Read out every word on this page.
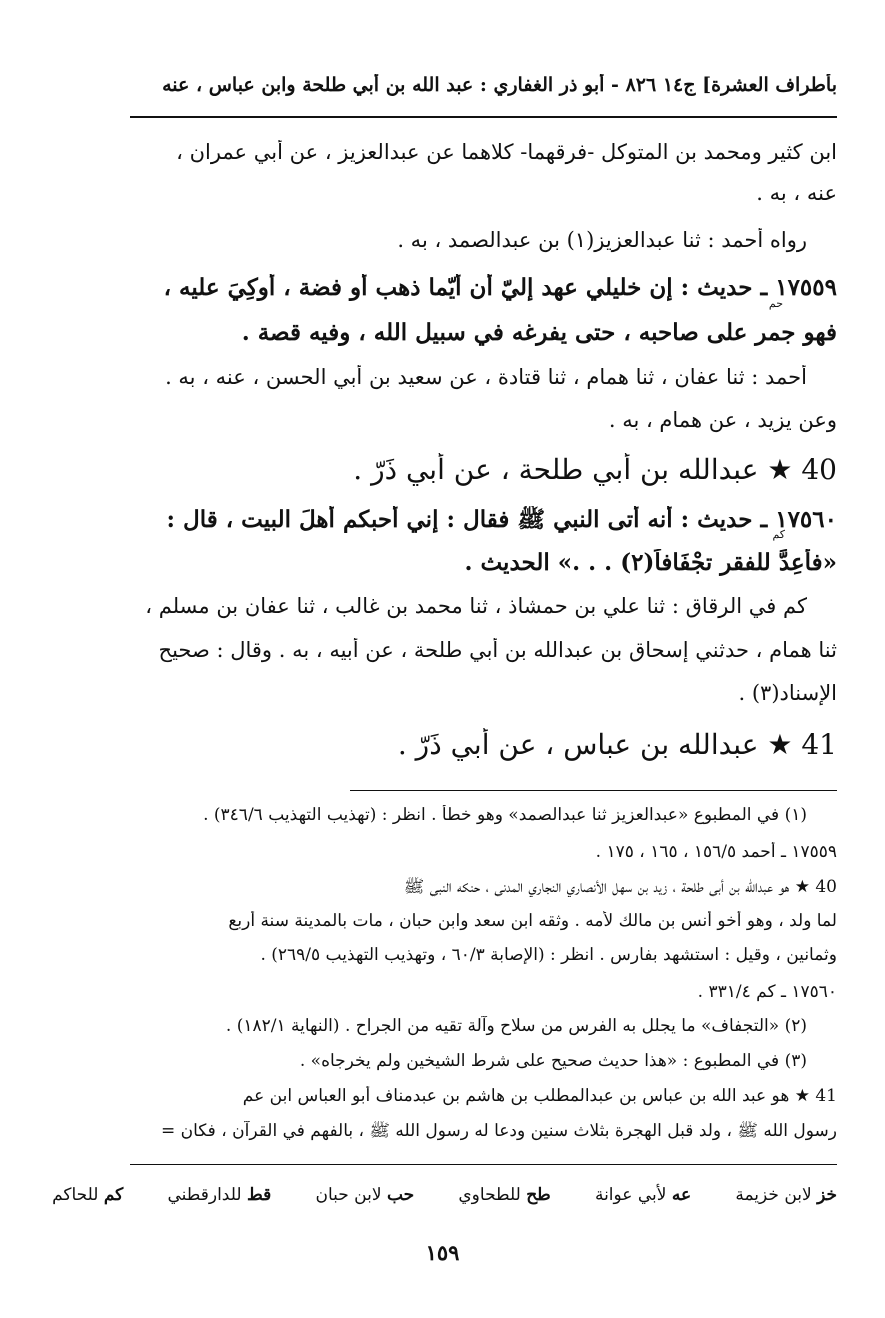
بأطراف العشرة] ج١٤ ٨٢٦ - أبو ذر الغفاري : عبد الله بن أبي طلحة وابن عباس ، عنه
ابن كثير ومحمد بن المتوكل -فرقهما- كلاهما عن عبدالعزيز ، عن أبي عمران ،
عنه ، به .
رواه أحمد : ثنا عبدالعزيز(١) بن عبدالصمد ، به .
١٧٥٥٩ ـ حديث : إن خليلي عهد إليّ أن أيّما ذهب أو فضة ، أُوكِيَ عليه ،
حم
فهو جمر على صاحبه ، حتى يفرغه في سبيل الله ، وفيه قصة .
أحمد : ثنا عفان ، ثنا همام ، ثنا قتادة ، عن سعيد بن أبي الحسن ، عنه ، به .
وعن يزيد ، عن همام ، به .
40 ★ عبدالله بن أبي طلحة ، عن أبي ذَرّ .
١٧٥٦٠ ـ حديث : أنه أتى النبي ﷺ فقال : إني أحبكم أهلَ البيت ، قال :
كم
«فأعِدَّ للفقر تجْفَافاً(٢) . . .» الحديث .
كم في الرقاق : ثنا علي بن حمشاذ ، ثنا محمد بن غالب ، ثنا عفان بن مسلم ،
ثنا همام ، حدثني إسحاق بن عبدالله بن أبي طلحة ، عن أبيه ، به . وقال : صحيح
الإسناد(٣) .
41 ★ عبدالله بن عباس ، عن أبي ذَرّ .
(١) في المطبوع «عبدالعزيز ثنا عبدالصمد» وهو خطأ . انظر : (تهذيب التهذيب ٣٤٦/٦) .
١٧٥٥٩ ـ أحمد ١٥٦/٥ ، ١٦٥ ، ١٧٥ .
40 ★ هو عبدالله بن أبي طلحة ، زيد بن سهل الأنصاري النجاري المدني ، حنكه النبي ﷺ
لما ولد ، وهو أخو أنس بن مالك لأمه . وثقه ابن سعد وابن حبان ، مات بالمدينة سنة أربع
وثمانين ، وقيل : استشهد بفارس . انظر : (الإصابة ٦٠/٣ ، وتهذيب التهذيب ٢٦٩/٥) .
١٧٥٦٠ ـ كم ٣٣١/٤ .
(٢) «التجفاف» ما يجلل به الفرس من سلاح وآلة تقيه من الجراح . (النهاية ١٨٢/١) .
(٣) في المطبوع : «هذا حديث صحيح على شرط الشيخين ولم يخرجاه» .
41 ★ هو عبد الله بن عباس بن عبدالمطلب بن هاشم بن عبدمناف أبو العباس ابن عم
رسول الله ﷺ ، ولد قبل الهجرة بثلاث سنين ودعا له رسول الله ﷺ ، بالفهم في القرآن ، فكان =
خز لابن خزيمة
عه لأبي عوانة
طح للطحاوي
حب لابن حبان
قط للدارقطني
كم للحاكم
١٥٩
